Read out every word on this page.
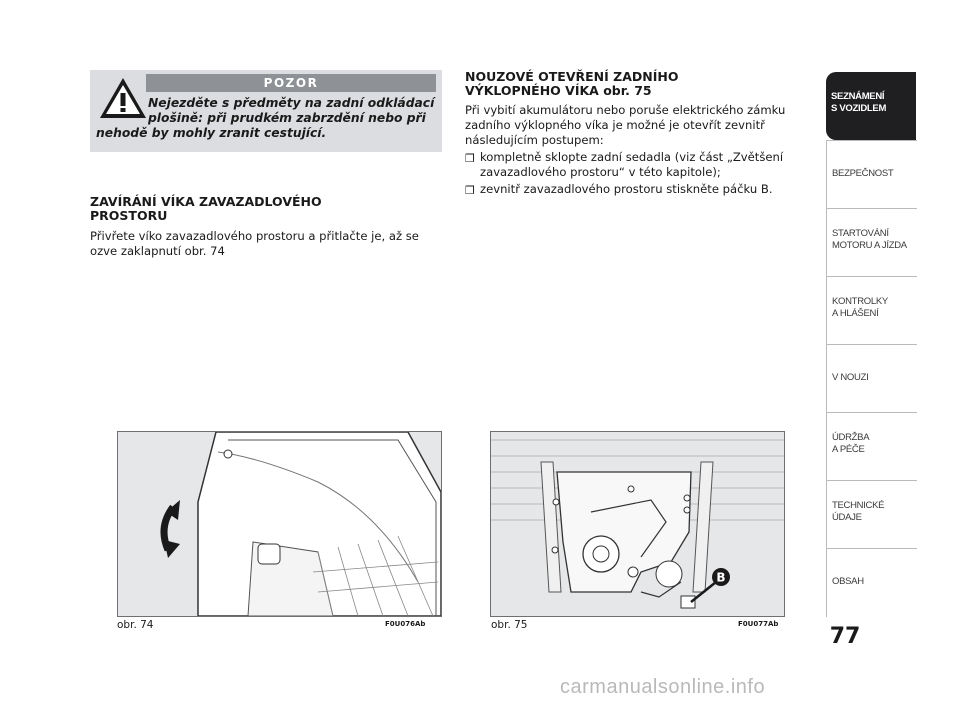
POZOR
Nejezděte s předměty na zadní odkládací
plošině: při prudkém zabrzdění nebo při
nehodě by mohly zranit cestující.
ZAVÍRÁNÍ VÍKA ZAVAZADLOVÉHO
PROSTORU

Přivřete víko zavazadlového prostoru a přitlačte je, až se ozve zaklapnutí obr. 74

NOUZOVÉ OTEVŘENÍ ZADNÍHO
VÝKLOPNÉHO VÍKA obr. 75

Při vybití akumulátoru nebo poruše elektrického zámku zadního výklopného víka je možné je otevřít zevnitř následujícím postupem:

❒ kompletně sklopte zadní sedadla (viz část „Zvětšení zavazadlového prostoru“ v této kapitole);
❒ zevnitř zavazadlového prostoru stiskněte páčku B.
obr. 74	F0U076Ab
B
obr. 75	F0U077Ab
SEZNÁMENÍ
S VOZIDLEM
BEZPEČNOST
STARTOVÁNÍ
MOTORU A JÍZDA
KONTROLKY
A HLÁŠENÍ
V NOUZI
ÚDRŽBA
A PÉČE
TECHNICKÉ
ÚDAJE
OBSAH
77
carmanualsonline.info
